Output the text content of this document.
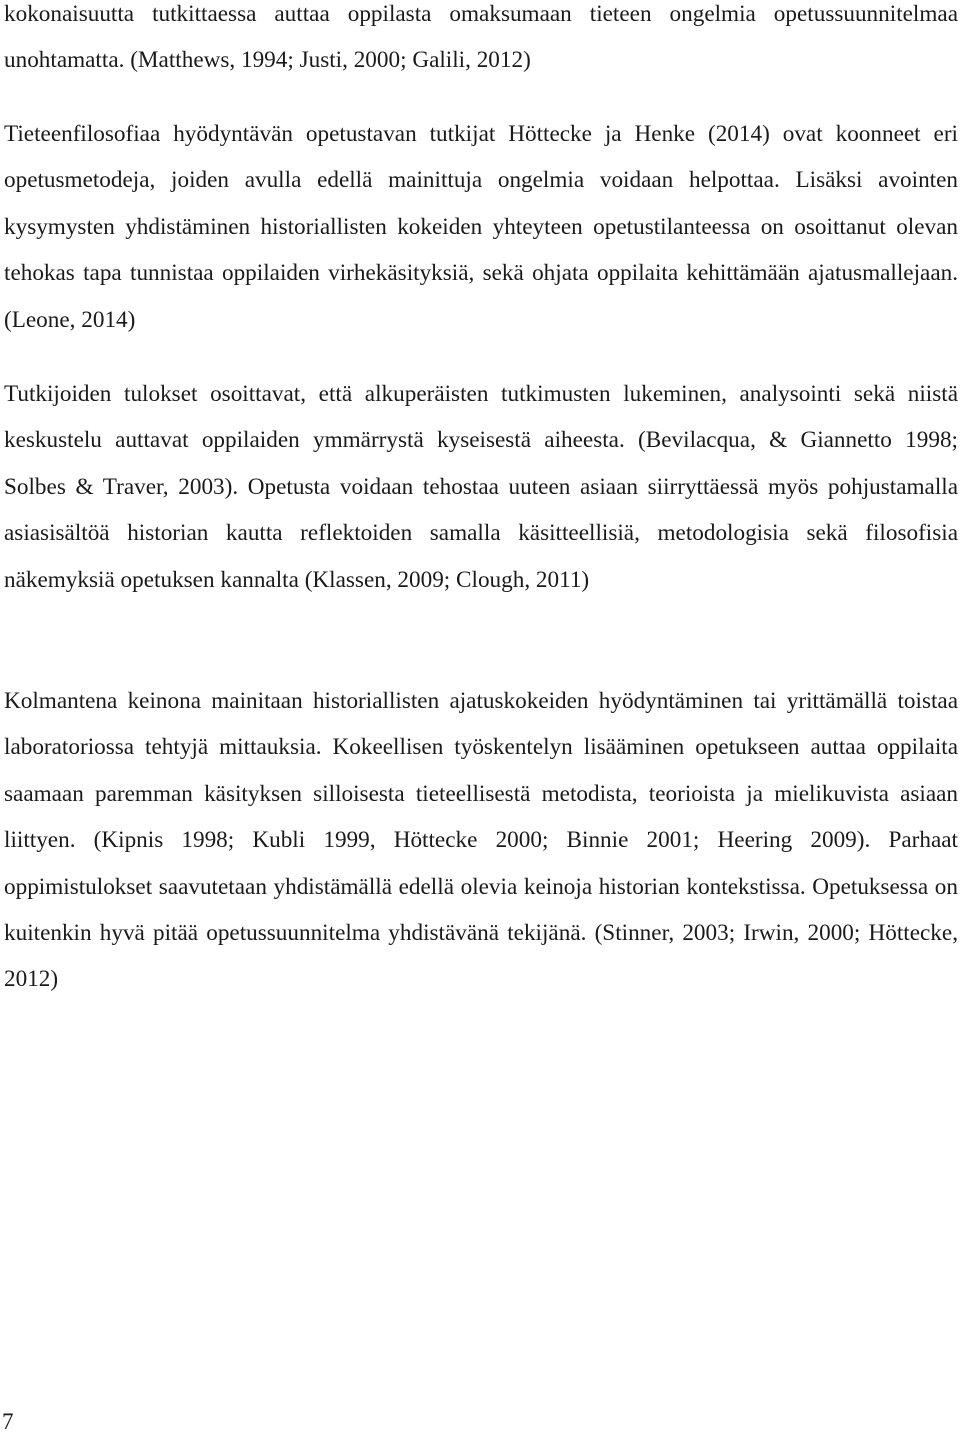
kokonaisuutta tutkittaessa auttaa oppilasta omaksumaan tieteen ongelmia opetussuunnitelmaa unohtamatta. (Matthews, 1994; Justi, 2000; Galili, 2012)

Tieteenfilosofiaa hyödyntävän opetustavan tutkijat Höttecke ja Henke (2014) ovat koonneet eri opetusmetodeja, joiden avulla edellä mainittuja ongelmia voidaan helpottaa. Lisäksi avointen kysymysten yhdistäminen historiallisten kokeiden yhteyteen opetustilanteessa on osoittanut olevan tehokas tapa tunnistaa oppilaiden virhekäsityksiä, sekä ohjata oppilaita kehittämään ajatusmallejaan. (Leone, 2014)

Tutkijoiden tulokset osoittavat, että alkuperäisten tutkimusten lukeminen, analysointi sekä niistä keskustelu auttavat oppilaiden ymmärrystä kyseisestä aiheesta. (Bevilacqua, & Giannetto 1998; Solbes & Traver, 2003). Opetusta voidaan tehostaa uuteen asiaan siirryttäessä myös pohjustamalla asiasisältöä historian kautta reflektoiden samalla käsitteellisiä, metodologisia sekä filosofisia näkemyksiä opetuksen kannalta (Klassen, 2009; Clough, 2011)

Kolmantena keinona mainitaan historiallisten ajatuskokeiden hyödyntäminen tai yrittämällä toistaa laboratoriossa tehtyjä mittauksia. Kokeellisen työskentelyn lisääminen opetukseen auttaa oppilaita saamaan paremman käsityksen silloisesta tieteellisestä metodista, teorioista ja mielikuvista asiaan liittyen. (Kipnis 1998; Kubli 1999, Höttecke 2000; Binnie 2001; Heering 2009). Parhaat oppimistulokset saavutetaan yhdistämällä edellä olevia keinoja historian kontekstissa. Opetuksessa on kuitenkin hyvä pitää opetussuunnitelma yhdistävänä tekijänä. (Stinner, 2003; Irwin, 2000; Höttecke, 2012)

7
